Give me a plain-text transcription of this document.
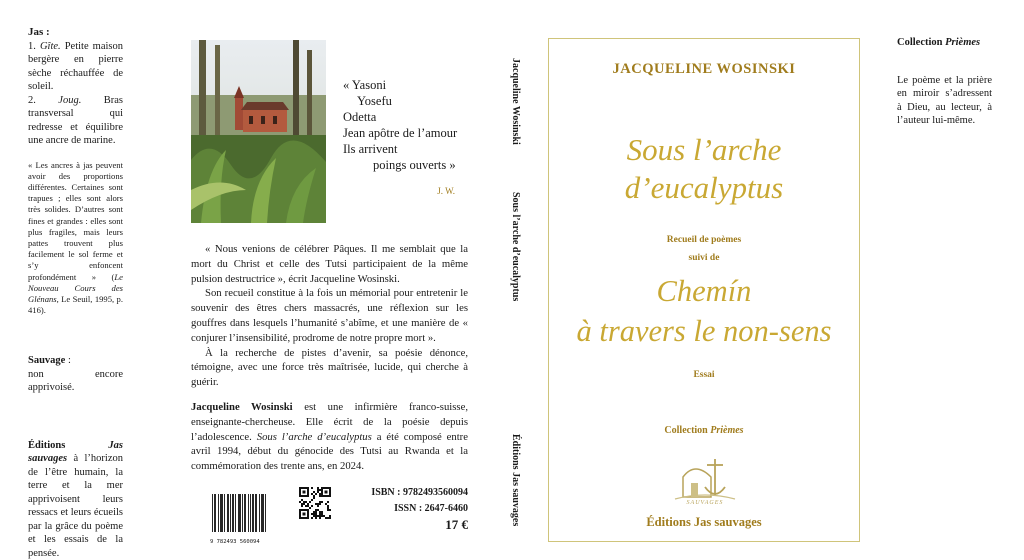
Jas :

1. Gîte. Petite maison bergère en pierre sèche réchauffée de soleil.

2. Joug. Bras transversal qui redresse et équilibre une ancre de marine.

« Les ancres à jas peuvent avoir des proportions différentes. Certaines sont trapues ; elles sont alors très solides. D’autres sont fines et grandes : elles sont plus fragiles, mais leurs pattes trouvent plus facilement le sol ferme et s’y enfoncent profondément » (Le Nouveau Cours des Glénans, Le Seuil, 1995, p. 416).

Sauvage :
non encore apprivoisé.

Éditions Jas sauvages à l’horizon de l’être humain, la terre et la mer apprivoisent leurs ressacs et leurs écueils par la grâce du poème et les essais de la pensée.

« Yasoni
Yosefu
Odetta
Jean apôtre de l’amour
Ils arrivent
poings ouverts »
J. W.

« Nous venions de célébrer Pâques. Il me semblait que la mort du Christ et celle des Tutsi participaient de la même pulsion destructrice », écrit Jacqueline Wosinski.

Son recueil constitue à la fois un mémorial pour entretenir le souvenir des êtres chers massacrés, une réflexion sur les gouffres dans lesquels l’humanité s’abîme, et une manière de « conjurer l’insensibilité, prodrome de notre propre mort ».

À la recherche de pistes d’avenir, sa poésie dénonce, témoigne, avec une force très maîtrisée, lucide, qui cherche à guérir.

Jacqueline Wosinski est une infirmière franco-suisse, enseignante-chercheuse. Elle écrit de la poésie depuis l’adolescence. Sous l’arche d’eucalyptus a été composé entre avril 1994, début du génocide des Tutsi au Rwanda et la commémoration des trente ans, en 2024.

9 782493 560094
ISBN : 9782493560094
ISSN : 2647-6460
17 €
Jacqueline Wosinski
Sous l’arche d’eucalyptus
Éditions Jas sauvages
JACQUELINE WOSINSKI
Sous l’arche
d’eucalyptus
Recueil de poèmes
suivi de
Chemín
à travers le non-sens
Essai
Collection Prièmes
SAUVAGES
Éditions Jas sauvages
Collection Prièmes

Le poème et la prière en miroir s’adressent à Dieu, au lecteur, à l’auteur lui-même.
